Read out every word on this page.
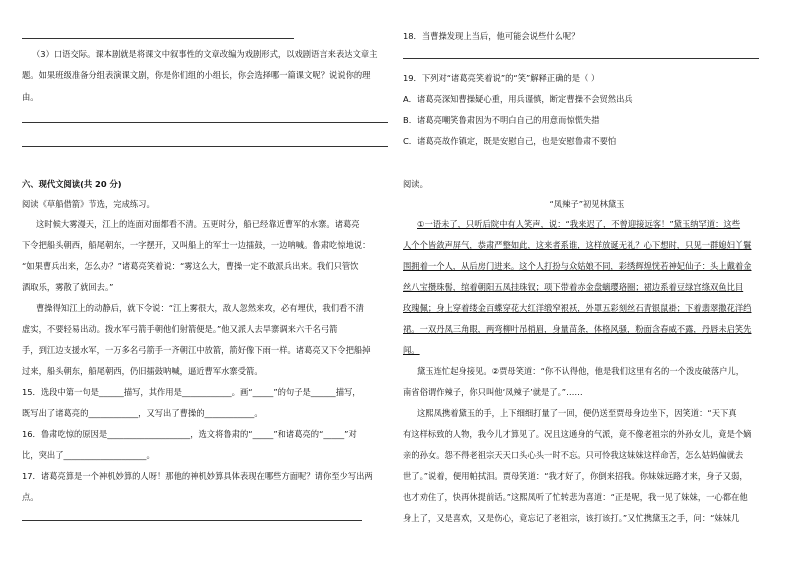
（3）口语交际。课本剧就是将课文中叙事性的文章改编为戏剧形式，以戏剧语言来表达文章主
题。如果班级准备分组表演课文剧，你是你们组的小组长，你会选择哪一篇课文呢？说说你的理
由。
六、现代文阅读(共 20 分)
阅读《草船借箭》节选，完成练习。
这时候大雾漫天，江上的连面对面都看不清。五更时分，船已经靠近曹军的水寨。诸葛亮
下令把船头朝西，船尾朝东，一字摆开，又叫船上的军士一边擂鼓，一边呐喊。鲁肃吃惊地说：
“如果曹兵出来，怎么办？”诸葛亮笑着说：“雾这么大，曹操一定不敢派兵出来。我们只管饮
酒取乐，雾散了就回去。”
曹操得知江上的动静后，就下令说：“江上雾很大，敌人忽然来攻，必有埋伏，我们看不清
虚实，不要轻易出动。拨水军弓箭手朝他们射箭便是。”他又派人去旱寨调来六千名弓箭
手，到江边支援水军，一万多名弓箭手一齐朝江中放箭，箭好像下雨一样。诸葛亮又下令把船掉
过来，船头朝东，船尾朝西，仍旧擂鼓呐喊，逼近曹军水寨受箭。
15．选段中第一句是______描写，其作用是____________。画“_____”的句子是______描写，
既写出了诸葛亮的____________，又写出了曹操的____________。
16．鲁肃吃惊的原因是____________________，选文将鲁肃的“_____”和诸葛亮的“_____”对
比，突出了____________________。
17．诸葛亮算是一个神机妙算的人呀！那他的神机妙算具体表现在哪些方面呢？请你至少写出两
点。
18．当曹操发现上当后，他可能会说些什么呢？
19．下列对“诸葛亮笑着说”的“笑”解释正确的是（ ）
A．诸葛亮深知曹操疑心重，用兵谨慎，断定曹操不会贸然出兵
B．诸葛亮嘲笑鲁肃因为不明白自己的用意而惊慌失措
C．诸葛亮故作镇定，既是安慰自己，也是安慰鲁肃不要怕
阅读。
“凤辣子”初见林黛玉
①一语未了，只听后院中有人笑声，说：“我来迟了，不曾迎接远客！”黛玉纳罕道：这些
人个个皆敛声屏气，恭肃严整如此，这来者系谁，这样放诞无礼？心下想时，只见一群媳妇丫鬟
围拥着一个人，从后房门进来。这个人打扮与众姑娘不同，彩绣辉煌恍若神妃仙子：头上戴着金
丝八宝攒珠髻，绾着朝阳五凤挂珠钗；项下带着赤金盘螭璎珞圈；裙边系着豆绿宫绦双鱼比目
玫瑰佩；身上穿着缕金百蝶穿花大红洋缎窄裉袄，外罩五彩刻丝石青银鼠褂；下着翡翠撒花洋绉
裙。一双丹凤三角眼，两弯柳叶吊梢眉，身量苗条，体格风骚，粉面含春威不露，丹唇未启笑先
闻。
黛玉连忙起身接见。②贾母笑道：“你不认得他，他是我们这里有名的一个泼皮破落户儿，
南省俗谓作辣子，你只叫他‘凤辣子’就是了。”……
这熙凤携着黛玉的手，上下细细打量了一回，便仍送至贾母身边坐下，因笑道：“天下真
有这样标致的人物，我今儿才算见了。况且这通身的气派，竟不像老祖宗的外孙女儿，竟是个嫡
亲的孙女。怨不得老祖宗天天口头心头一时不忘。只可怜我这妹妹这样命苦，怎么姑妈偏就去
世了。”说着，便用帕拭泪。贾母笑道：“我才好了，你倒来招我。你妹妹远路才来，身子又弱，
也才劝住了，快再休提前话。”这熙凤听了忙转悲为喜道：“正是呢，我一见了妹妹，一心都在他
身上了，又是喜欢，又是伤心，竟忘记了老祖宗，该打该打。”又忙携黛玉之手，问：“妹妹几
